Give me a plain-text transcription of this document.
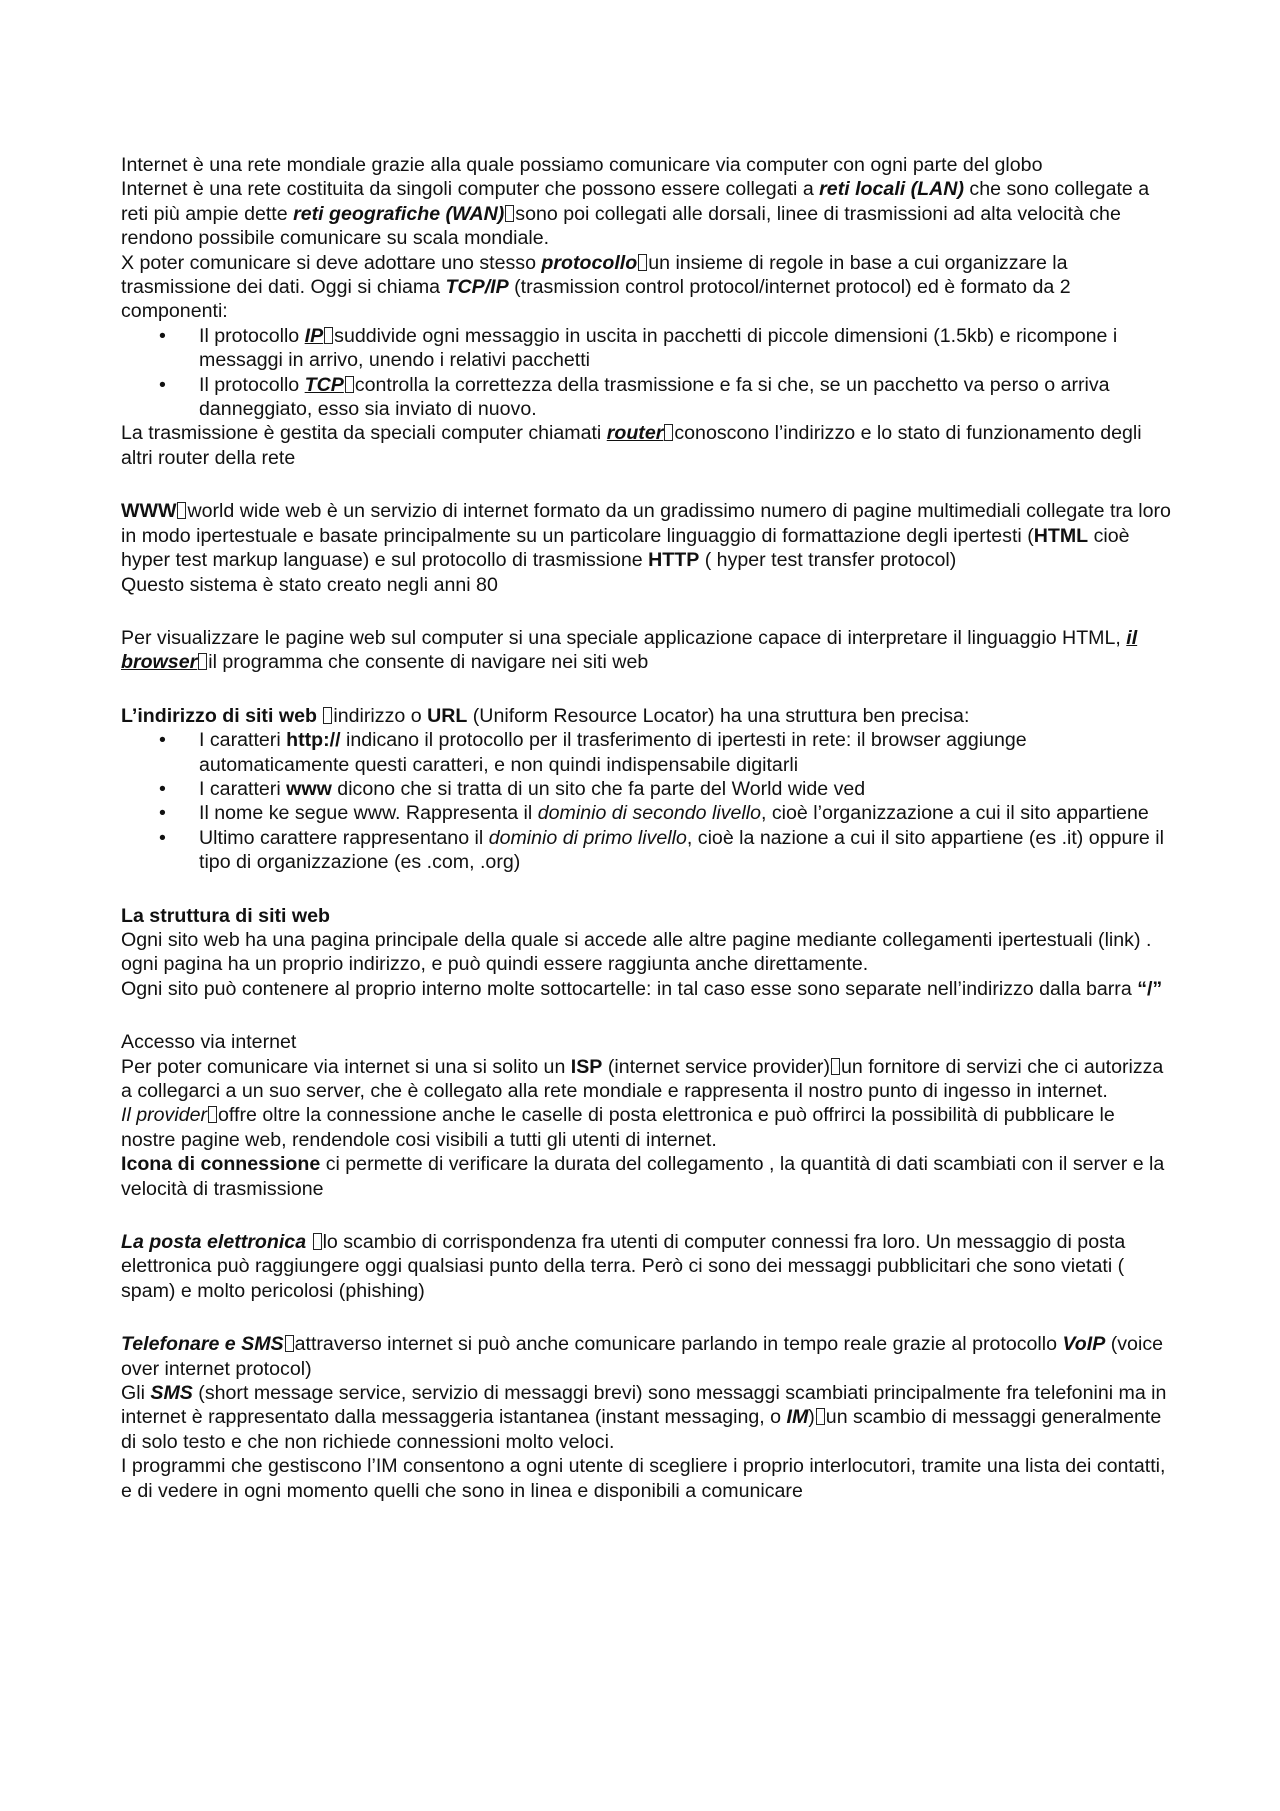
Internet è una rete mondiale grazie alla quale possiamo comunicare via computer con ogni parte del globo

Internet è una rete costituita da singoli computer che possono essere collegati a reti locali (LAN) che sono collegate a reti più ampie dette reti geografiche (WAN) sono poi collegati alle dorsali, linee di trasmissioni ad alta velocità che rendono possibile comunicare su scala mondiale.

X poter comunicare si deve adottare uno stesso protocollo un insieme di regole in base a cui organizzare la trasmissione dei dati. Oggi si chiama TCP/IP (trasmission control protocol/internet protocol) ed è formato da 2 componenti:

• Il protocollo IP suddivide ogni messaggio in uscita in pacchetti di piccole dimensioni (1.5kb) e ricompone i messaggi in arrivo, unendo i relativi pacchetti
• Il protocollo TCP controlla la correttezza della trasmissione e fa si che, se un pacchetto va perso o arriva danneggiato, esso sia inviato di nuovo.

La trasmissione è gestita da speciali computer chiamati router conoscono l’indirizzo e lo stato di funzionamento degli altri router della rete

WWW world wide web è un servizio di internet formato da un gradissimo numero di pagine multimediali collegate tra loro in modo ipertestuale e basate principalmente su un particolare linguaggio di formattazione degli ipertesti (HTML cioè hyper test markup languase) e sul protocollo di trasmissione HTTP ( hyper test transfer protocol)

Questo sistema è stato creato negli anni 80

Per visualizzare le pagine web sul computer si una speciale applicazione capace di interpretare il linguaggio HTML, il browser il programma che consente di navigare nei siti web

L’indirizzo di siti web indirizzo o URL (Uniform Resource Locator) ha una struttura ben precisa:

• I caratteri http:// indicano il protocollo per il trasferimento di ipertesti in rete: il browser aggiunge automaticamente questi caratteri, e non quindi indispensabile digitarli
• I caratteri www dicono che si tratta di un sito che fa parte del World wide ved
• Il nome ke segue www. Rappresenta il dominio di secondo livello, cioè l’organizzazione a cui il sito appartiene
• Ultimo carattere rappresentano il dominio di primo livello, cioè la nazione a cui il sito appartiene (es .it) oppure il tipo di organizzazione (es .com, .org)

La struttura di siti web

Ogni sito web ha una pagina principale della quale si accede alle altre pagine mediante collegamenti ipertestuali (link) . ogni pagina ha un proprio indirizzo, e può quindi essere raggiunta anche direttamente.

Ogni sito può contenere al proprio interno molte sottocartelle: in tal caso esse sono separate nell’indirizzo dalla barra “/”

Accesso via internet

Per poter comunicare via internet si una si solito un ISP (internet service provider) un fornitore di servizi che ci autorizza a collegarci a un suo server, che è collegato alla rete mondiale e rappresenta il nostro punto di ingesso in internet.

Il provider offre oltre la connessione anche le caselle di posta elettronica e può offrirci la possibilità di pubblicare le nostre pagine web, rendendole cosi visibili a tutti gli utenti di internet.

Icona di connessione ci permette di verificare la durata del collegamento , la quantità di dati scambiati con il server e la velocità di trasmissione

La posta elettronica lo scambio di corrispondenza fra utenti di computer connessi fra loro. Un messaggio di posta elettronica può raggiungere oggi qualsiasi punto della terra. Però ci sono dei messaggi pubblicitari che sono vietati ( spam) e molto pericolosi (phishing)

Telefonare e SMS attraverso internet si può anche comunicare parlando in tempo reale grazie al protocollo VoIP (voice over internet protocol)

Gli SMS (short message service, servizio di messaggi brevi) sono messaggi scambiati principalmente fra telefonini ma in internet è rappresentato dalla messaggeria istantanea (instant messaging, o IM) un scambio di messaggi generalmente di solo testo e che non richiede connessioni molto veloci.

I programmi che gestiscono l’IM consentono a ogni utente di scegliere i proprio interlocutori, tramite una lista dei contatti, e di vedere in ogni momento quelli che sono in linea e disponibili a comunicare
